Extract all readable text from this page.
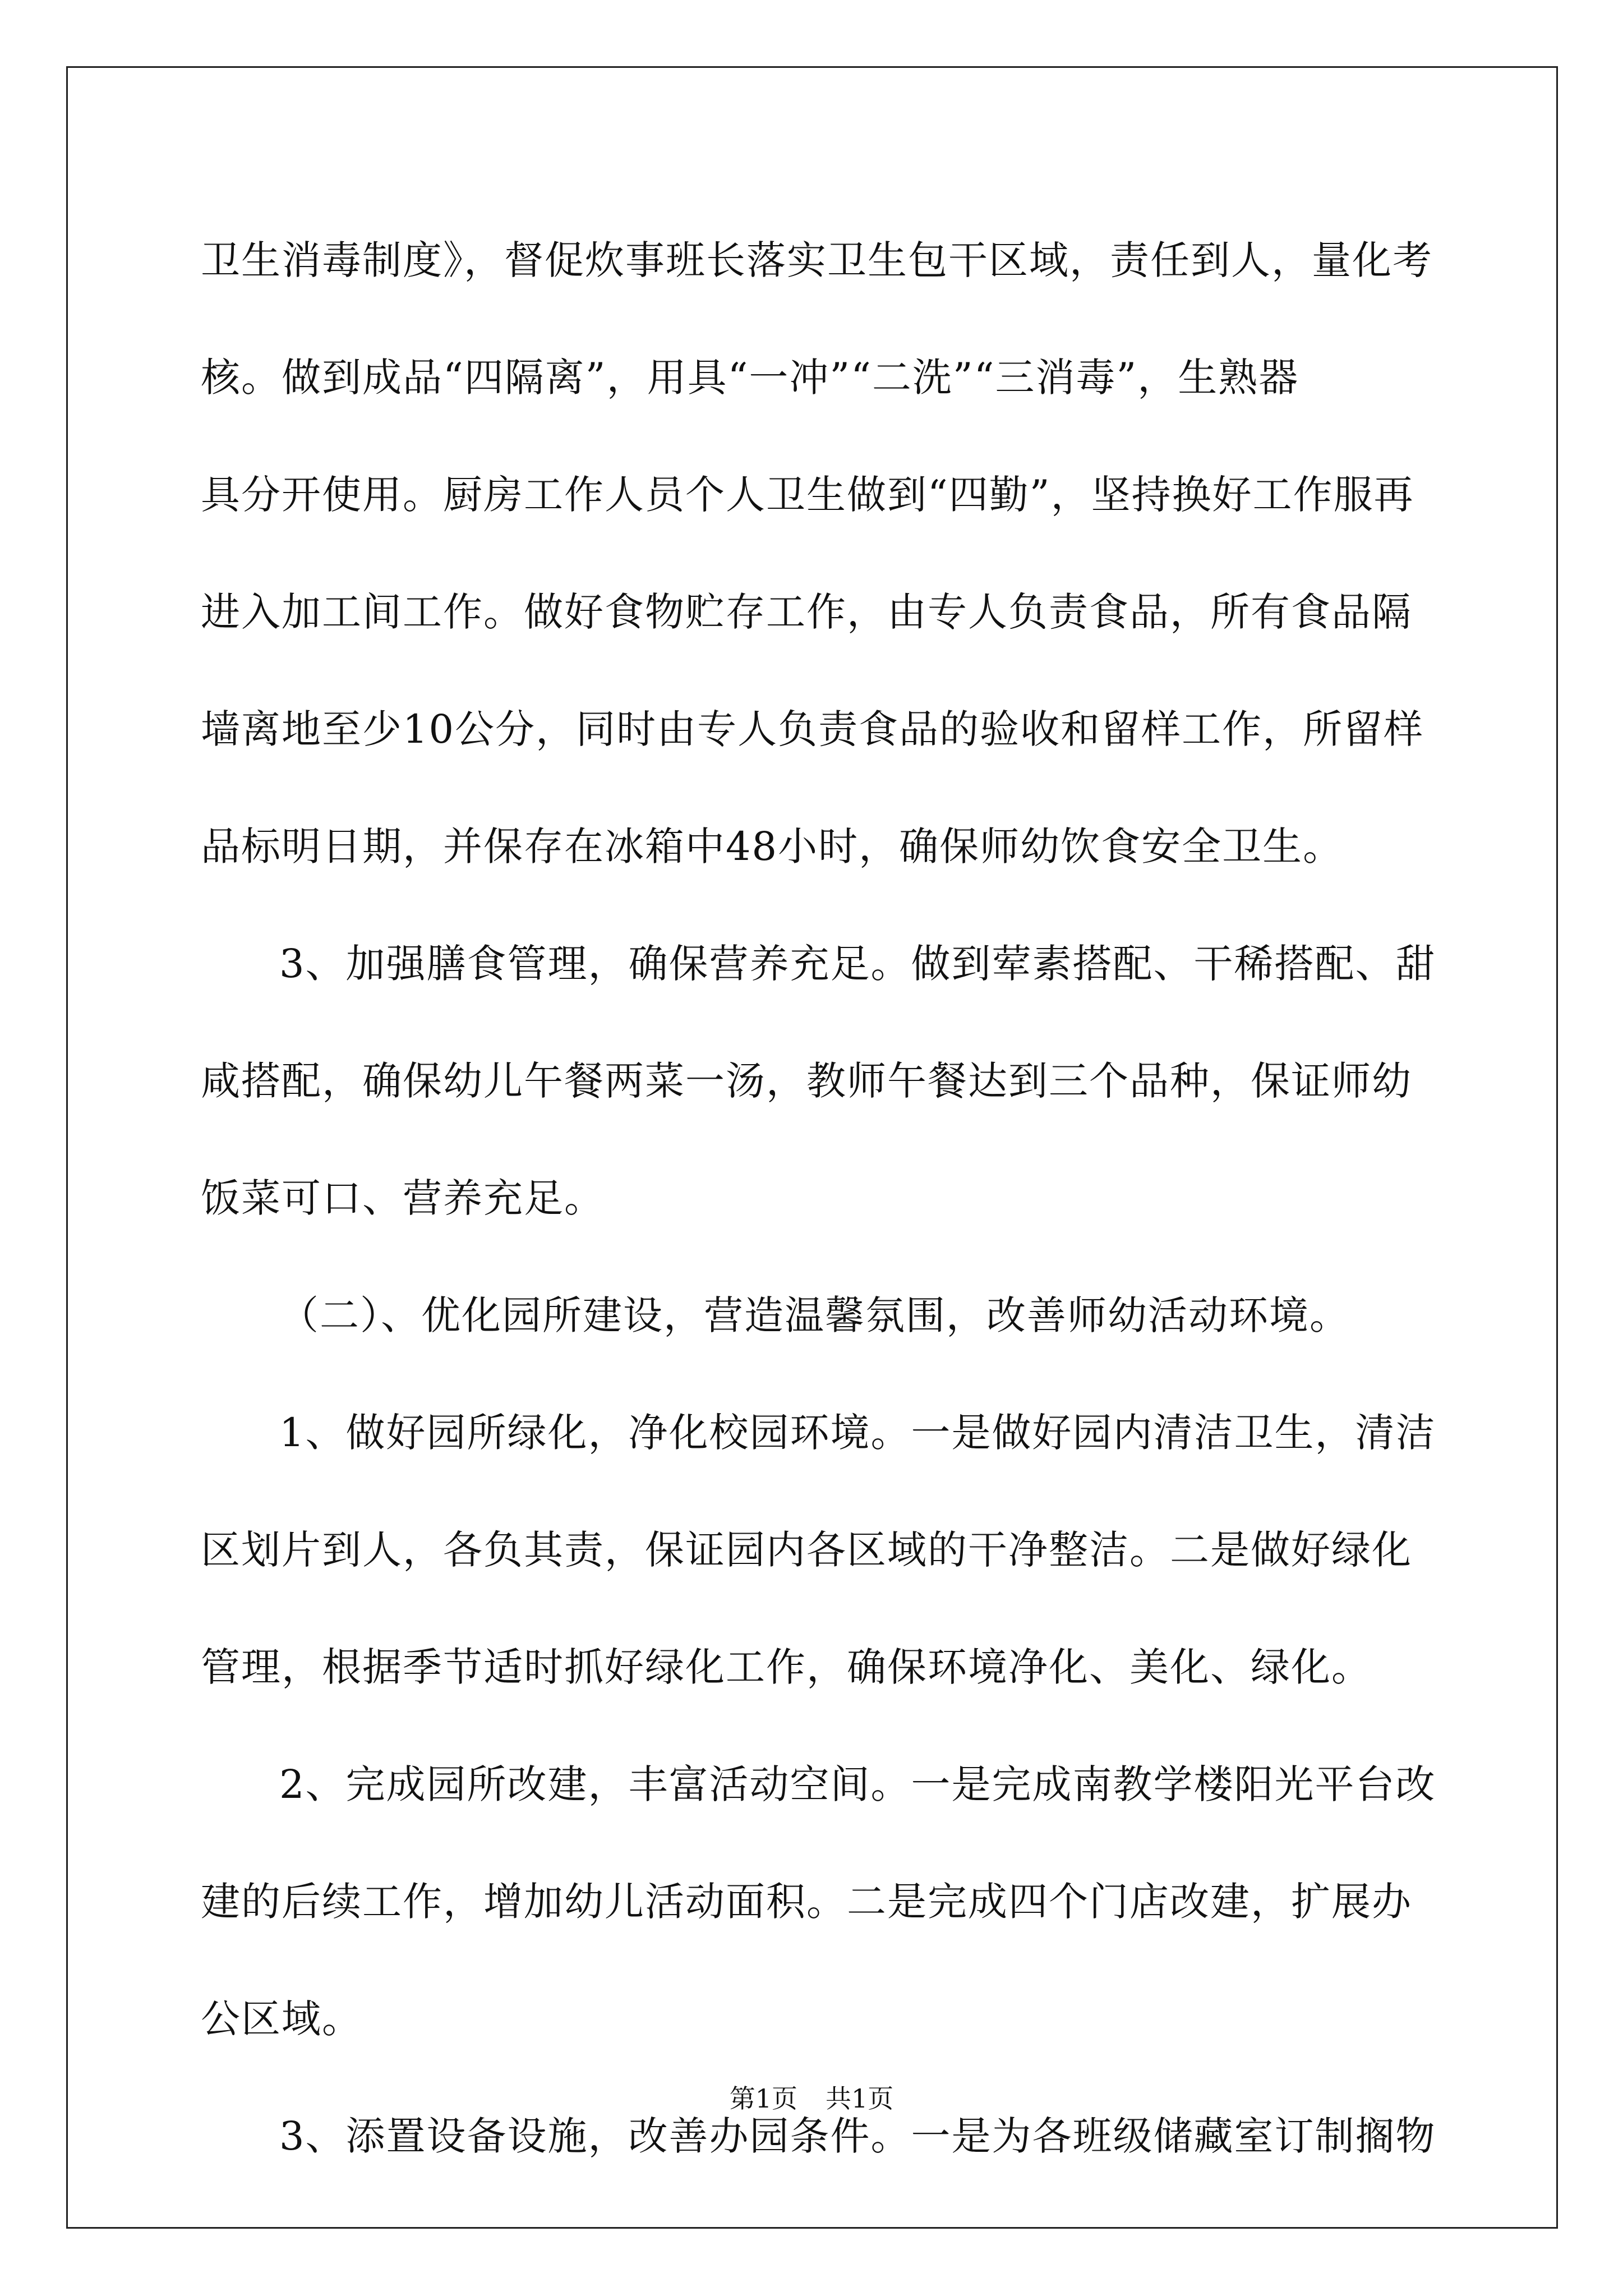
卫生消毒制度》，督促炊事班长落实卫生包干区域，责任到人，量化考
核。做到成品“四隔离”，用具“一冲”“二洗”“三消毒”，生熟器
具分开使用。厨房工作人员个人卫生做到“四勤”，坚持换好工作服再
进入加工间工作。做好食物贮存工作，由专人负责食品，所有食品隔
墙离地至少10公分，同时由专人负责食品的验收和留样工作，所留样
品标明日期，并保存在冰箱中48小时，确保师幼饮食安全卫生。
3、加强膳食管理，确保营养充足。做到荤素搭配、干稀搭配、甜
咸搭配，确保幼儿午餐两菜一汤，教师午餐达到三个品种，保证师幼
饭菜可口、营养充足。
（二）、优化园所建设，营造温馨氛围，改善师幼活动环境。
1、做好园所绿化，净化校园环境。一是做好园内清洁卫生，清洁
区划片到人，各负其责，保证园内各区域的干净整洁。二是做好绿化
管理，根据季节适时抓好绿化工作，确保环境净化、美化、绿化。
2、完成园所改建，丰富活动空间。一是完成南教学楼阳光平台改
建的后续工作，增加幼儿活动面积。二是完成四个门店改建，扩展办
公区域。
3、添置设备设施，改善办园条件。一是为各班级储藏室订制搁物
第1页 共1页
